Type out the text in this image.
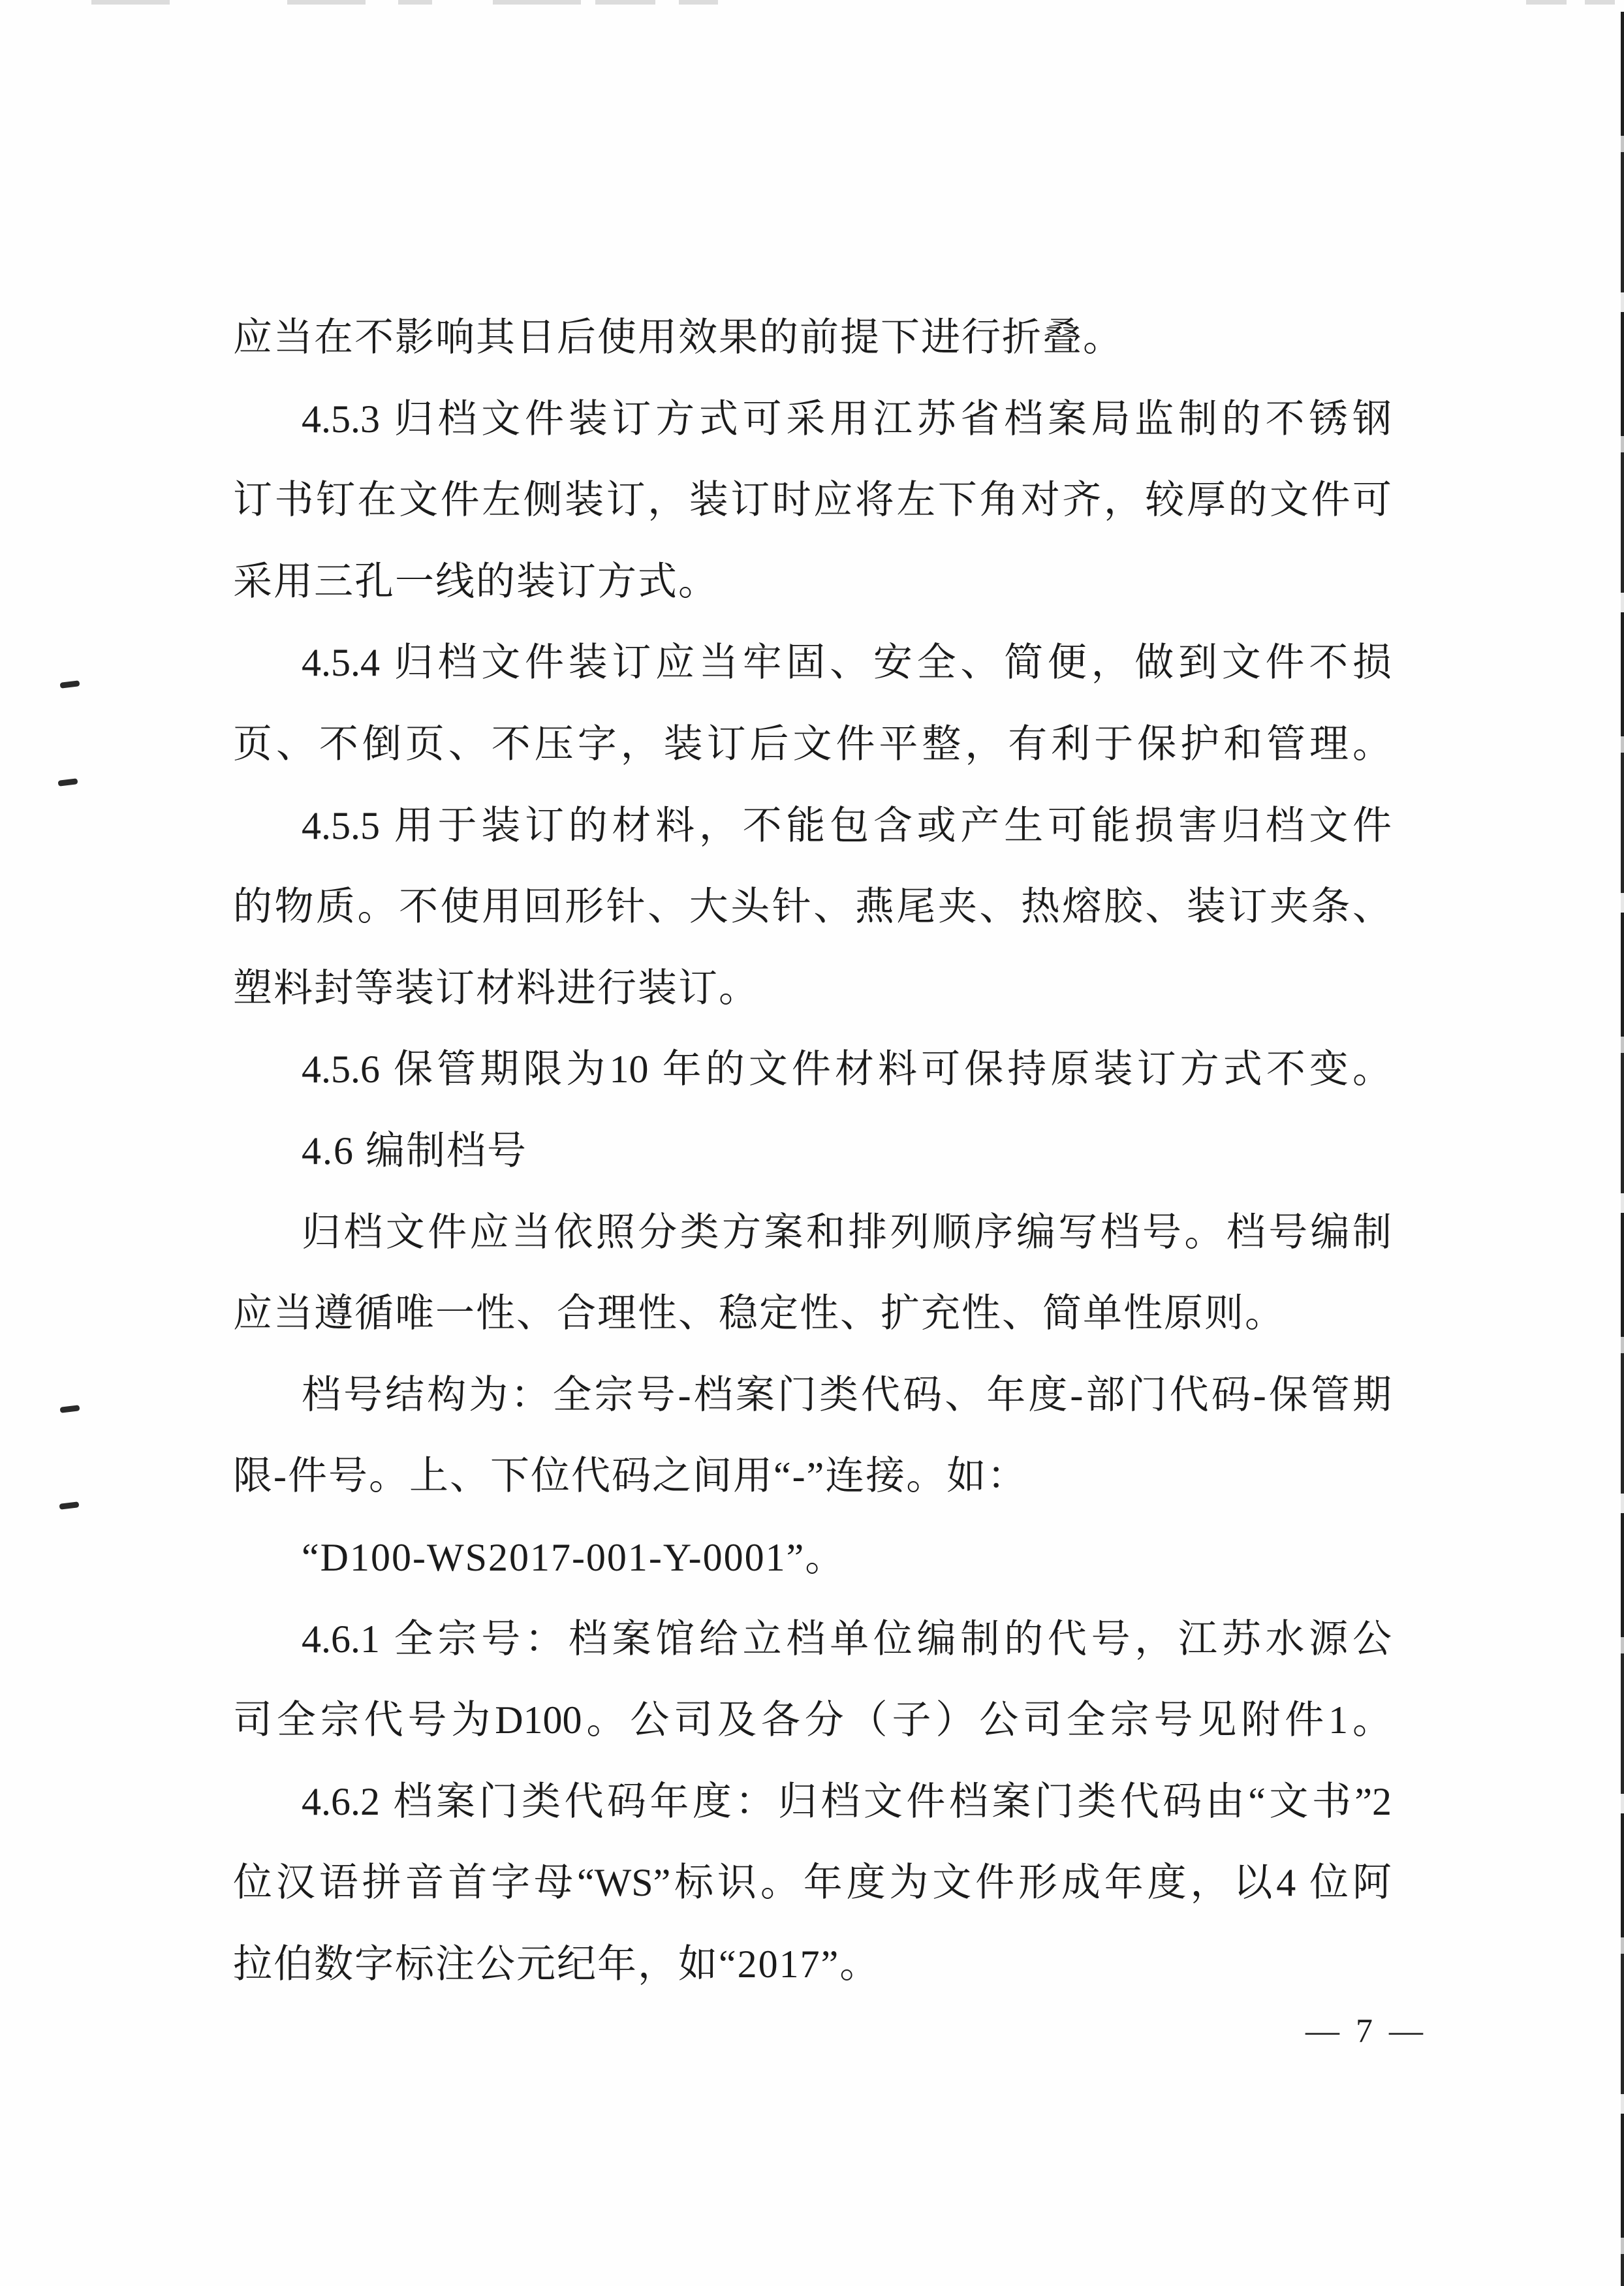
应当在不影响其日后使用效果的前提下进行折叠。

4.5.3 归档文件装订方式可采用江苏省档案局监制的不锈钢

订书钉在文件左侧装订，装订时应将左下角对齐，较厚的文件可

采用三孔一线的装订方式。

4.5.4 归档文件装订应当牢固、安全、简便，做到文件不损

页、不倒页、不压字，装订后文件平整，有利于保护和管理。

4.5.5 用于装订的材料，不能包含或产生可能损害归档文件

的物质。不使用回形针、大头针、燕尾夹、热熔胶、装订夹条、

塑料封等装订材料进行装订。

4.5.6 保管期限为10 年的文件材料可保持原装订方式不变。

4.6 编制档号

归档文件应当依照分类方案和排列顺序编写档号。档号编制

应当遵循唯一性、合理性、稳定性、扩充性、简单性原则。

档号结构为：全宗号-档案门类代码、年度-部门代码-保管期

限-件号。上、下位代码之间用“-”连接。如：

“D100-WS2017-001-Y-0001”。

4.6.1 全宗号：档案馆给立档单位编制的代号，江苏水源公

司全宗代号为D100。公司及各分（子）公司全宗号见附件1。

4.6.2 档案门类代码年度：归档文件档案门类代码由“文书”2

位汉语拼音首字母“WS”标识。年度为文件形成年度，以4 位阿

拉伯数字标注公元纪年，如“2017”。

— 7 —
